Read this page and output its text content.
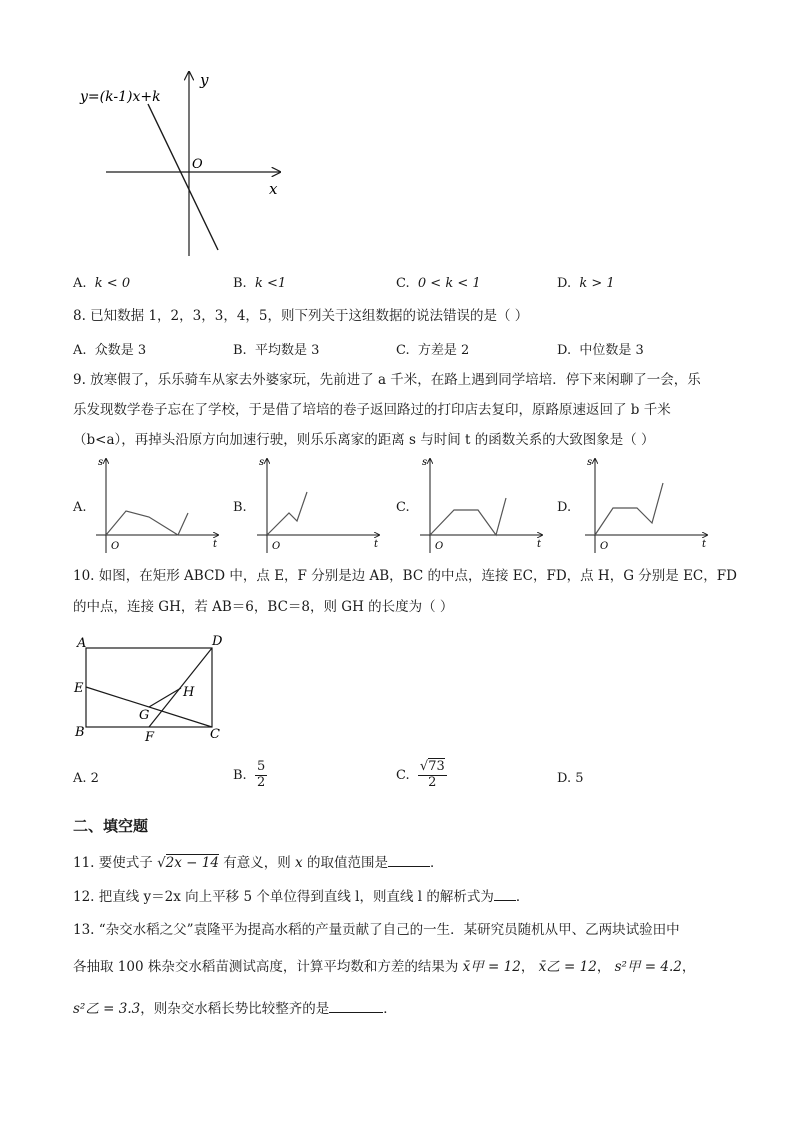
y=(k-1)x+k
y
x
O
A. k < 0	B. k <1	C. 0 < k < 1	D. k > 1
8. 已知数据 1，2，3，3，4，5，则下列关于这组数据的说法错误的是（ ）
A. 众数是 3	B. 平均数是 3	C. 方差是 2	D. 中位数是 3
9. 放寒假了，乐乐骑车从家去外婆家玩，先前进了 a 千米，在路上遇到同学培培．停下来闲聊了一会，乐
乐发现数学卷子忘在了学校，于是借了培培的卷子返回路过的打印店去复印，原路原速返回了 b 千米
（b<a），再掉头沿原方向加速行驶，则乐乐离家的距离 s 与时间 t 的函数关系的大致图象是（ ）
A.
s
t
O
B.
s
t
O
C.
s
t
O
D.
s
t
O
10. 如图，在矩形 ABCD 中，点 E，F 分别是边 AB，BC 的中点，连接 EC，FD，点 H，G 分别是 EC，FD
的中点，连接 GH，若 AB＝6，BC＝8，则 GH 的长度为（ ）
A	D
E	H
G
B	F	C
A. 2	B.
$\frac{5}{2}$	C.
$\frac{√73}{2}$	D. 5
二、填空题
11. 要使式子 √2x − 14 有意义，则 x 的取值范围是	．
12. 把直线 y＝2x 向上平移 5 个单位得到直线 l，则直线 l 的解析式为 ．
13. “杂交水稻之父”袁隆平为提高水稻的产量贡献了自己的一生．某研究员随机从甲、乙两块试验田中
各抽取 100 株杂交水稻苗测试高度，计算平均数和方差的结果为 x̄甲 = 12， x̄乙 = 12， s²甲 = 4.2，
s²乙 = 3.3，则杂交水稻长势比较整齐的是	．
